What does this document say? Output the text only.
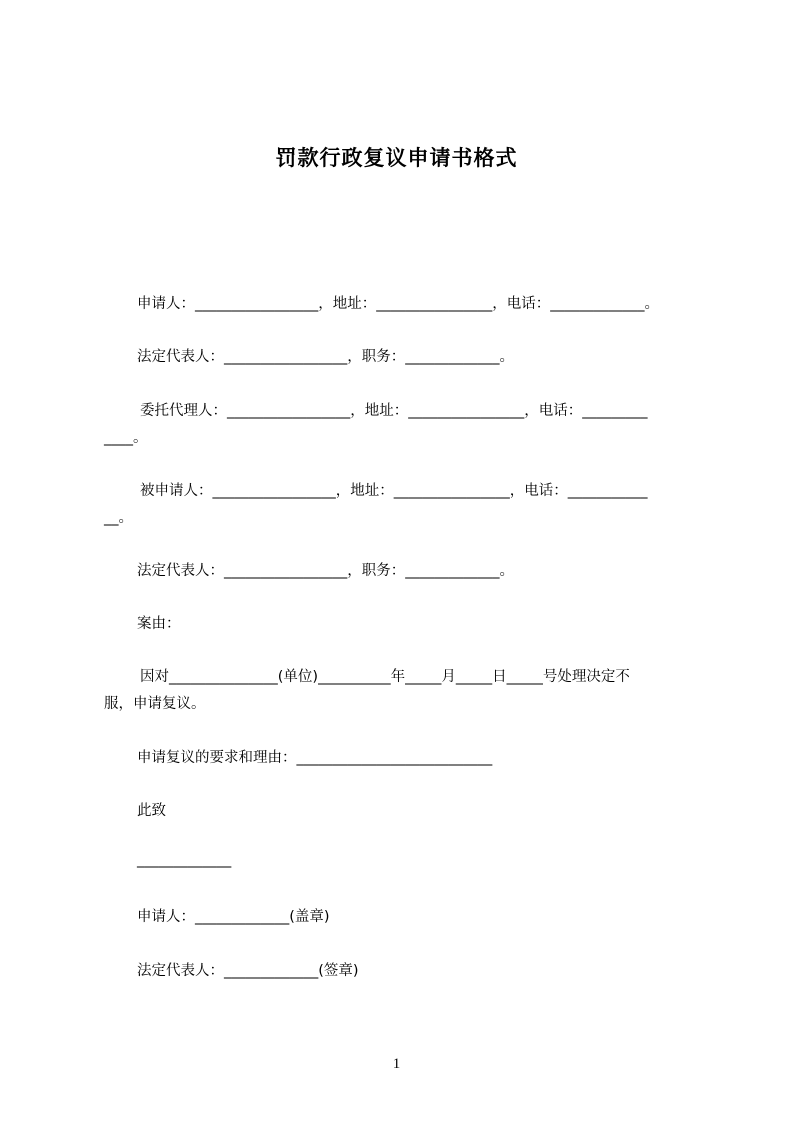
罚款行政复议申请书格式
申请人：_________________，地址：________________，电话：_____________。
法定代表人：_________________，职务：_____________。
委托代理人：_________________，地址：________________，电话：_________
____。
被申请人：_________________，地址：________________，电话：___________
__。
法定代表人：_________________，职务：_____________。
案由：
因对_______________(单位)__________年_____月_____日_____号处理决定不
服，申请复议。
申请复议的要求和理由：___________________________
此致
_____________
申请人：_____________(盖章)
法定代表人：_____________(签章)
1
